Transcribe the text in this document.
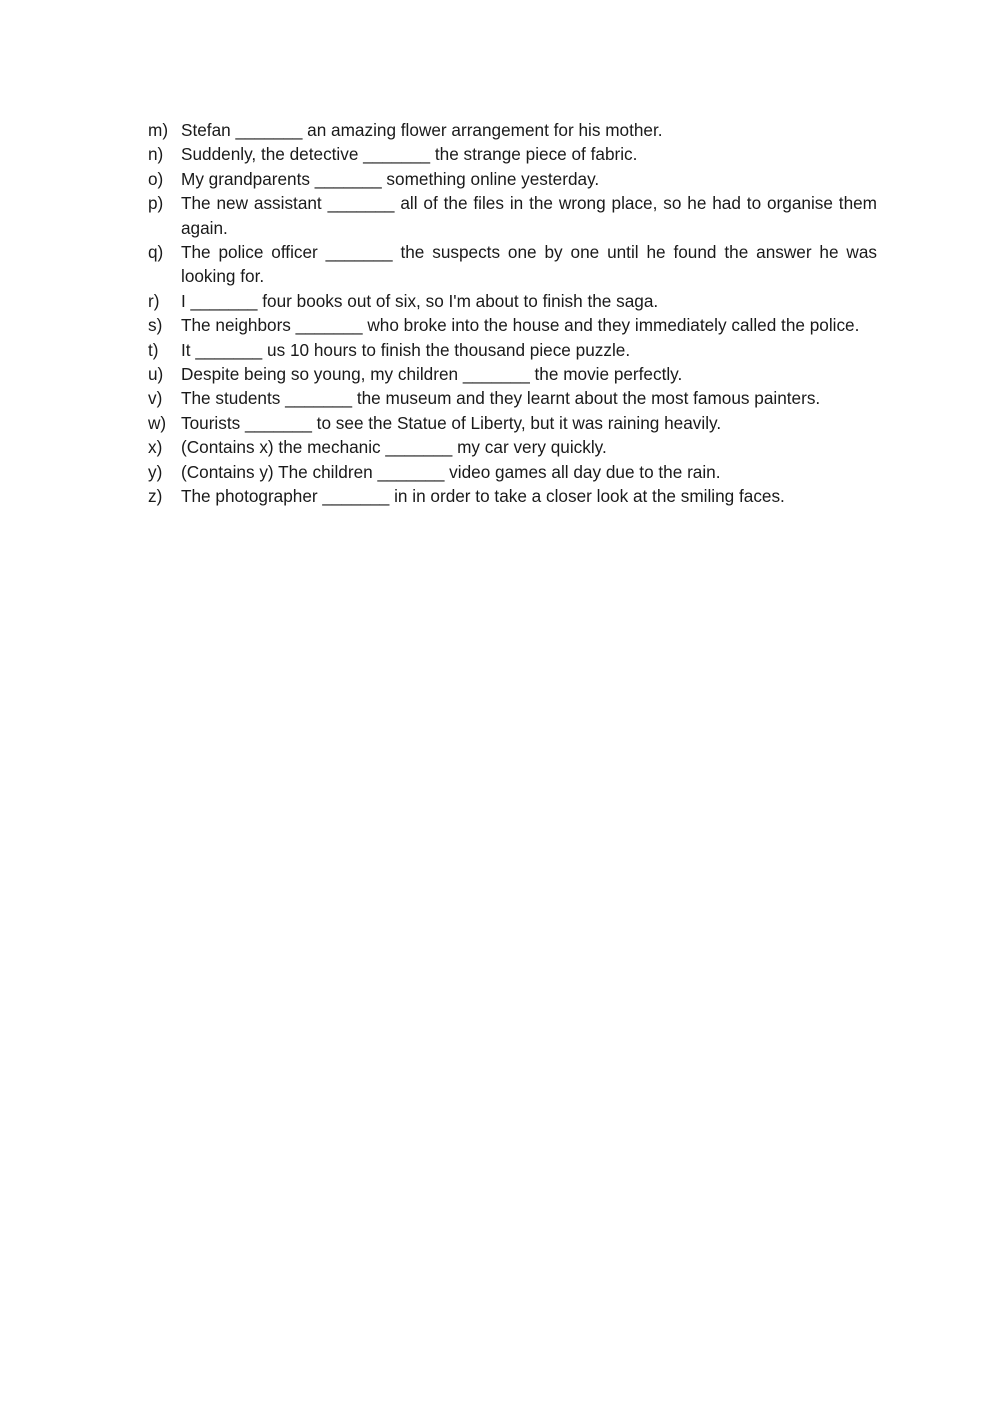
m) Stefan _______ an amazing flower arrangement for his mother.
n)	Suddenly, the detective _______ the strange piece of fabric.
o)	My grandparents _______ something online yesterday.
p)	The new assistant _______ all of the files in the wrong place, so he had to organise them again.
q)	The police officer _______ the suspects one by one until he found the answer he was looking for.
r)	I _______ four books out of six, so I'm about to finish the saga.
s)	The neighbors _______ who broke into the house and they immediately called the police.
t)	It _______ us 10 hours to finish the thousand piece puzzle.
u)	Despite being so young, my children _______ the movie perfectly.
v)	The students _______ the museum and they learnt about the most famous painters.
w) Tourists _______ to see the Statue of Liberty, but it was raining heavily.
x)	(Contains x) the mechanic _______ my car very quickly.
y)	(Contains y) The children _______ video games all day due to the rain.
z)	The photographer _______ in in order to take a closer look at the smiling faces.
